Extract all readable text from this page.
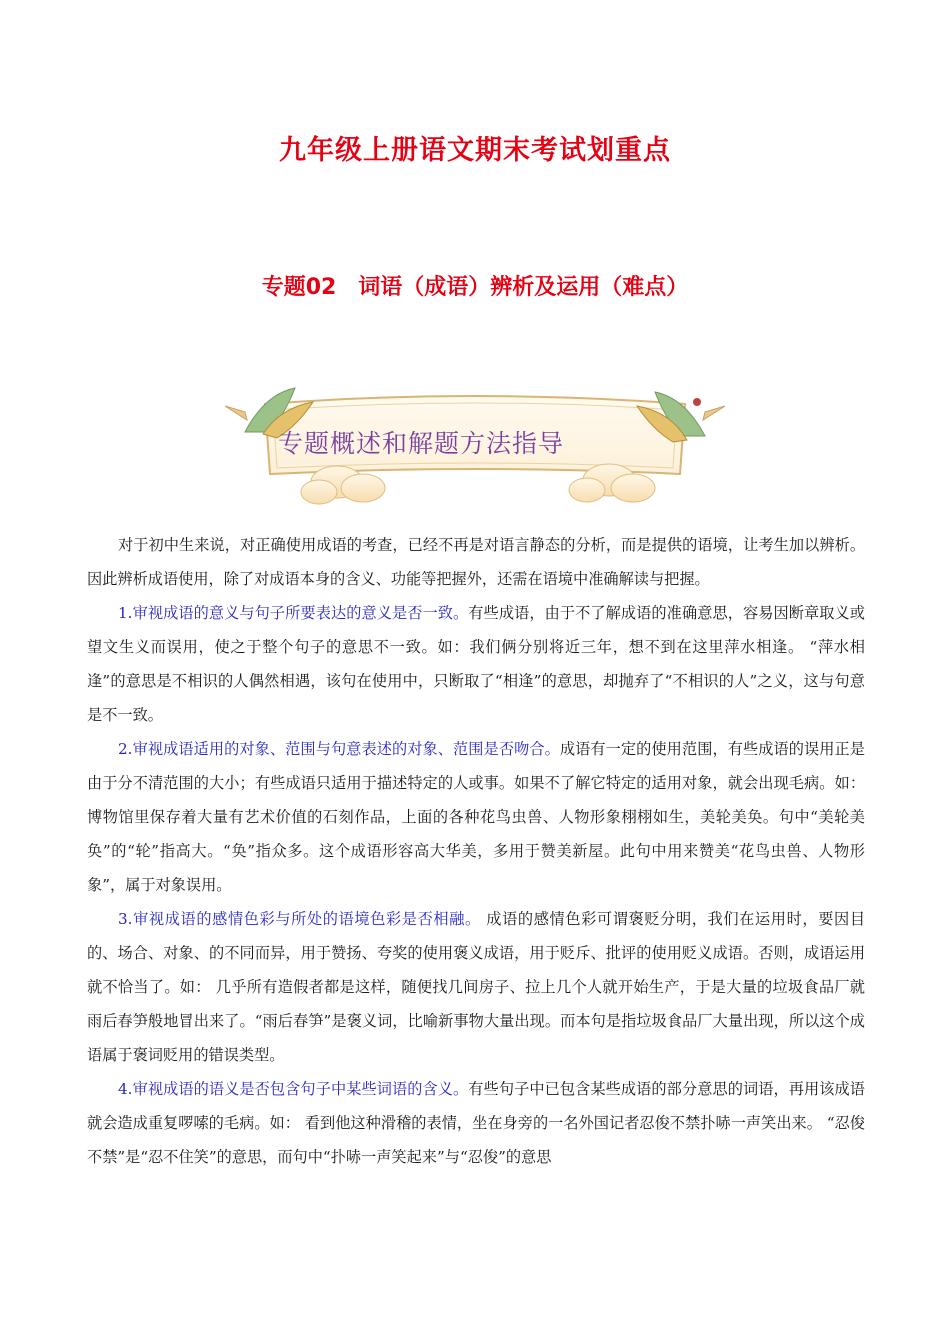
九年级上册语文期末考试划重点
专题02　词语（成语）辨析及运用（难点）
专题概述和解题方法指导

对于初中生来说，对正确使用成语的考查，已经不再是对语言静态的分析，而是提供的语境，让考生加以辨析。因此辨析成语使用，除了对成语本身的含义、功能等把握外，还需在语境中准确解读与把握。

1.审视成语的意义与句子所要表达的意义是否一致。有些成语，由于不了解成语的准确意思，容易因断章取义或望文生义而误用，使之于整个句子的意思不一致。如：我们俩分别将近三年，想不到在这里萍水相逢。 “萍水相逢”的意思是不相识的人偶然相遇，该句在使用中，只断取了“相逢”的意思，却抛弃了“不相识的人”之义，这与句意是不一致。

2.审视成语适用的对象、范围与句意表述的对象、范围是否吻合。成语有一定的使用范围，有些成语的误用正是由于分不清范围的大小；有些成语只适用于描述特定的人或事。如果不了解它特定的适用对象，就会出现毛病。如：博物馆里保存着大量有艺术价值的石刻作品，上面的各种花鸟虫兽、人物形象栩栩如生，美轮美奂。句中“美轮美奂”的“轮”指高大。“奂”指众多。这个成语形容高大华美，多用于赞美新屋。此句中用来赞美“花鸟虫兽、人物形象”，属于对象误用。

3.审视成语的感情色彩与所处的语境色彩是否相融。 成语的感情色彩可谓褒贬分明，我们在运用时，要因目的、场合、对象、的不同而异，用于赞扬、夸奖的使用褒义成语，用于贬斥、批评的使用贬义成语。否则，成语运用就不恰当了。如： 几乎所有造假者都是这样，随便找几间房子、拉上几个人就开始生产，于是大量的垃圾食品厂就雨后春笋般地冒出来了。“雨后春笋”是褒义词，比喻新事物大量出现。而本句是指垃圾食品厂大量出现，所以这个成语属于褒词贬用的错误类型。

4.审视成语的语义是否包含句子中某些词语的含义。有些句子中已包含某些成语的部分意思的词语，再用该成语就会造成重复啰嗦的毛病。如： 看到他这种滑稽的表情，坐在身旁的一名外国记者忍俊不禁扑哧一声笑出来。 “忍俊不禁”是“忍不住笑”的意思，而句中“扑哧一声笑起来”与“忍俊”的意思
